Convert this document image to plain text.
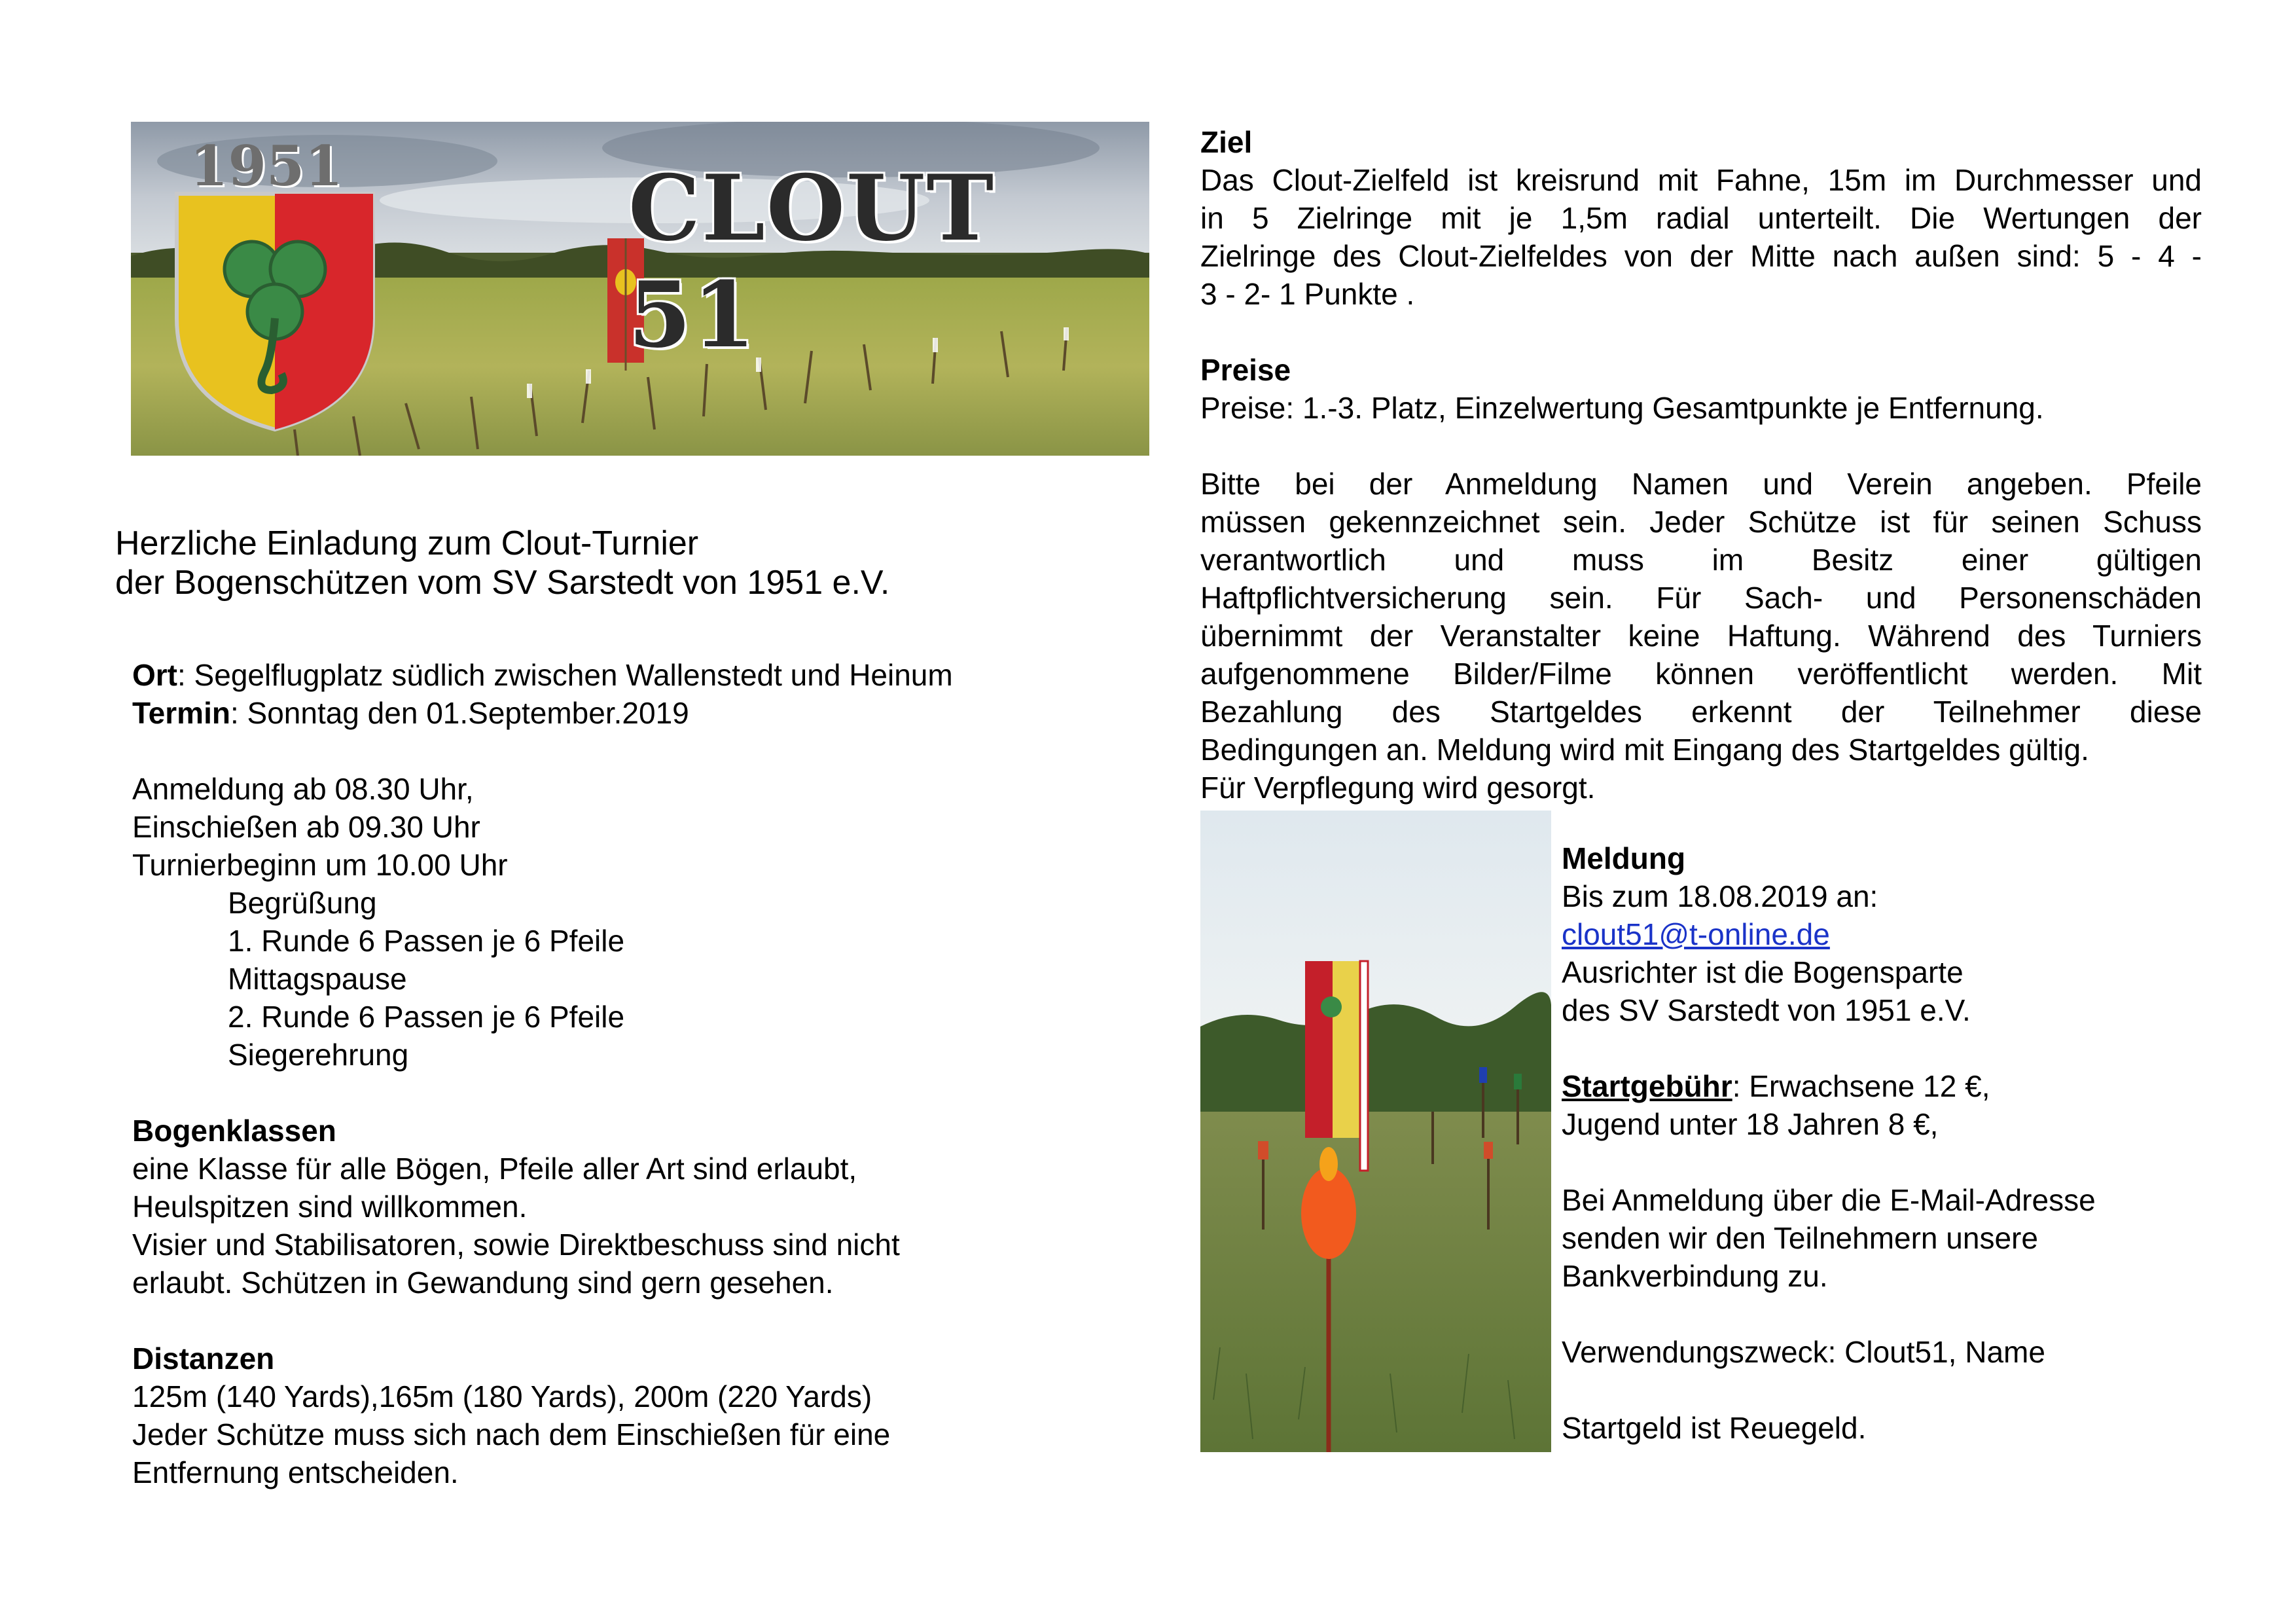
1951	CLOUT 51

Herzliche Einladung zum Clout-Turnier

der Bogenschützen vom SV Sarstedt von 1951 e.V.

Ort: Segelflugplatz südlich zwischen Wallenstedt und Heinum

Termin: Sonntag den 01.September.2019

Anmeldung ab 08.30 Uhr,

Einschießen ab 09.30 Uhr

Turnierbeginn um 10.00 Uhr

Begrüßung

1. Runde 6 Passen je 6 Pfeile

Mittagspause

2. Runde 6 Passen je 6 Pfeile

Siegerehrung

Bogenklassen

eine Klasse für alle Bögen, Pfeile aller Art sind erlaubt,

Heulspitzen sind willkommen.

Visier und Stabilisatoren, sowie Direktbeschuss sind nicht

erlaubt. Schützen in Gewandung sind gern gesehen.

Distanzen

125m (140 Yards),165m (180 Yards), 200m (220 Yards)

Jeder Schütze muss sich nach dem Einschießen für eine

Entfernung entscheiden.

Ziel

Das Clout-Zielfeld ist kreisrund mit Fahne, 15m im Durchmesser und

in 5 Zielringe mit je 1,5m radial unterteilt. Die Wertungen der

Zielringe des Clout-Zielfeldes von der Mitte nach außen sind: 5 - 4 -

3 - 2- 1 Punkte .

Preise

Preise: 1.-3. Platz, Einzelwertung Gesamtpunkte je Entfernung.

Bitte bei der Anmeldung Namen und Verein angeben. Pfeile

müssen gekennzeichnet sein. Jeder Schütze ist für seinen Schuss

verantwortlich und muss im Besitz einer gültigen

Haftpflichtversicherung sein. Für Sach- und Personenschäden

übernimmt der Veranstalter keine Haftung. Während des Turniers

aufgenommene Bilder/Filme können veröffentlicht werden. Mit

Bezahlung des Startgeldes erkennt der Teilnehmer diese

Bedingungen an. Meldung wird mit Eingang des Startgeldes gültig.

Für Verpflegung wird gesorgt.

Meldung

Bis zum 18.08.2019 an:

clout51@t-online.de

Ausrichter ist die Bogensparte

des SV Sarstedt von 1951 e.V.

Startgebühr: Erwachsene 12 €,

Jugend unter 18 Jahren 8 €,

Bei Anmeldung über die E-Mail-Adresse

senden wir den Teilnehmern unsere

Bankverbindung zu.

Verwendungszweck: Clout51, Name

Startgeld ist Reuegeld.
